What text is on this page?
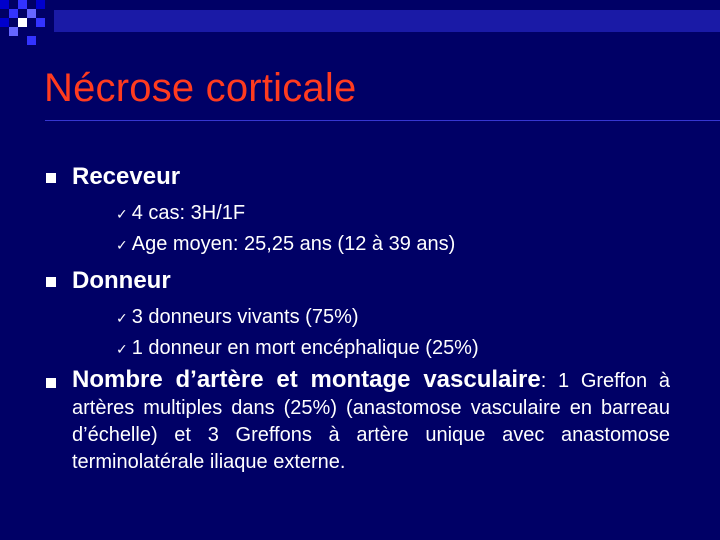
Nécrose corticale
Receveur
✓ 4 cas: 3H/1F
✓ Age moyen: 25,25 ans (12 à 39 ans)
Donneur
✓ 3 donneurs vivants (75%)
✓ 1 donneur en mort encéphalique (25%)
Nombre d’artère et montage vasculaire: 1 Greffon à artères multiples dans (25%) (anastomose vasculaire en barreau d’échelle) et 3 Greffons à artère unique avec anastomose terminolatérale iliaque externe.
